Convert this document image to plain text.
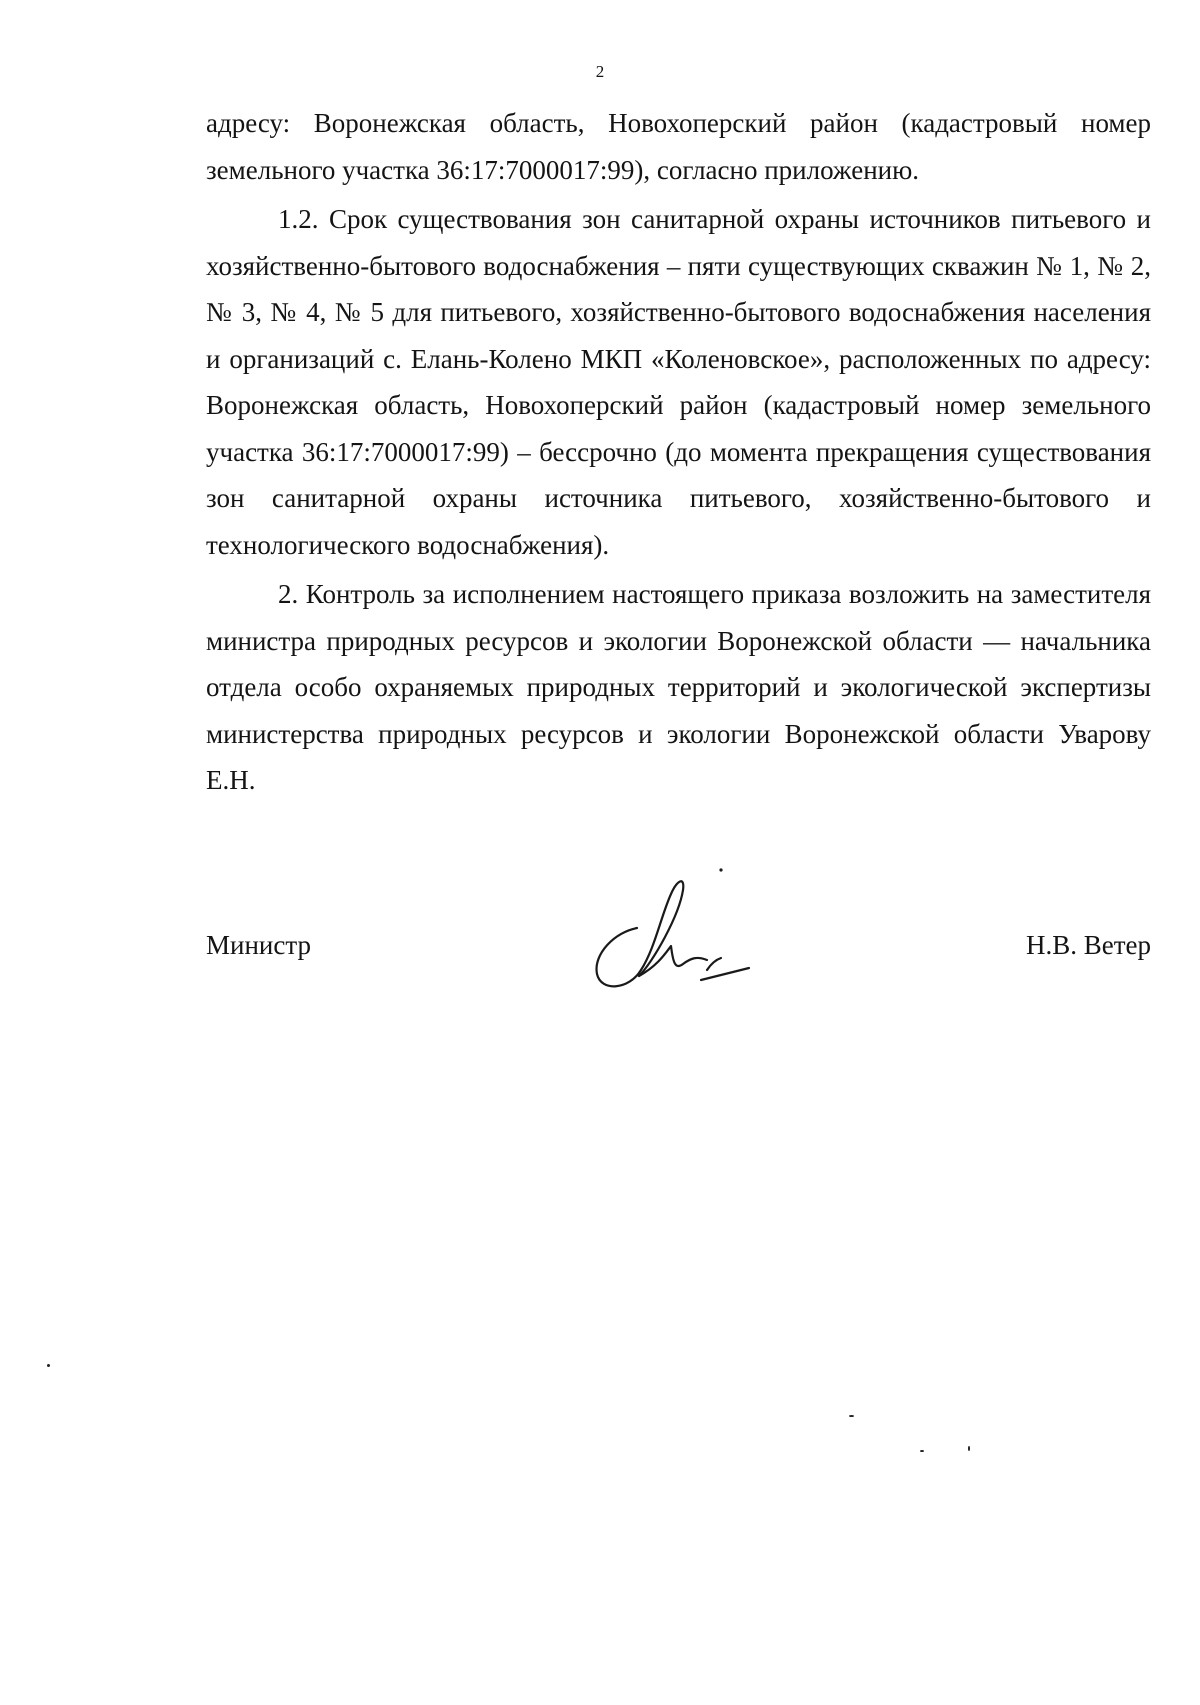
2

адресу: Воронежская область, Новохоперский район (кадастровый номер земельного участка 36:17:7000017:99), согласно приложению.

1.2. Срок существования зон санитарной охраны источников питьевого и хозяйственно-бытового водоснабжения – пяти существующих скважин № 1, № 2, № 3, № 4, № 5 для питьевого, хозяйственно-бытового водоснабжения населения и организаций с. Елань-Колено МКП «Коленовское», расположенных по адресу: Воронежская область, Новохоперский район (кадастровый номер земельного участка 36:17:7000017:99) – бессрочно (до момента прекращения существования зон санитарной охраны источника питьевого, хозяйственно-бытового и технологического водоснабжения).

2. Контроль за исполнением настоящего приказа возложить на заместителя министра природных ресурсов и экологии Воронежской области — начальника отдела особо охраняемых природных территорий и экологической экспертизы министерства природных ресурсов и экологии Воронежской области Уварову Е.Н.

Министр	Н.В. Ветер
